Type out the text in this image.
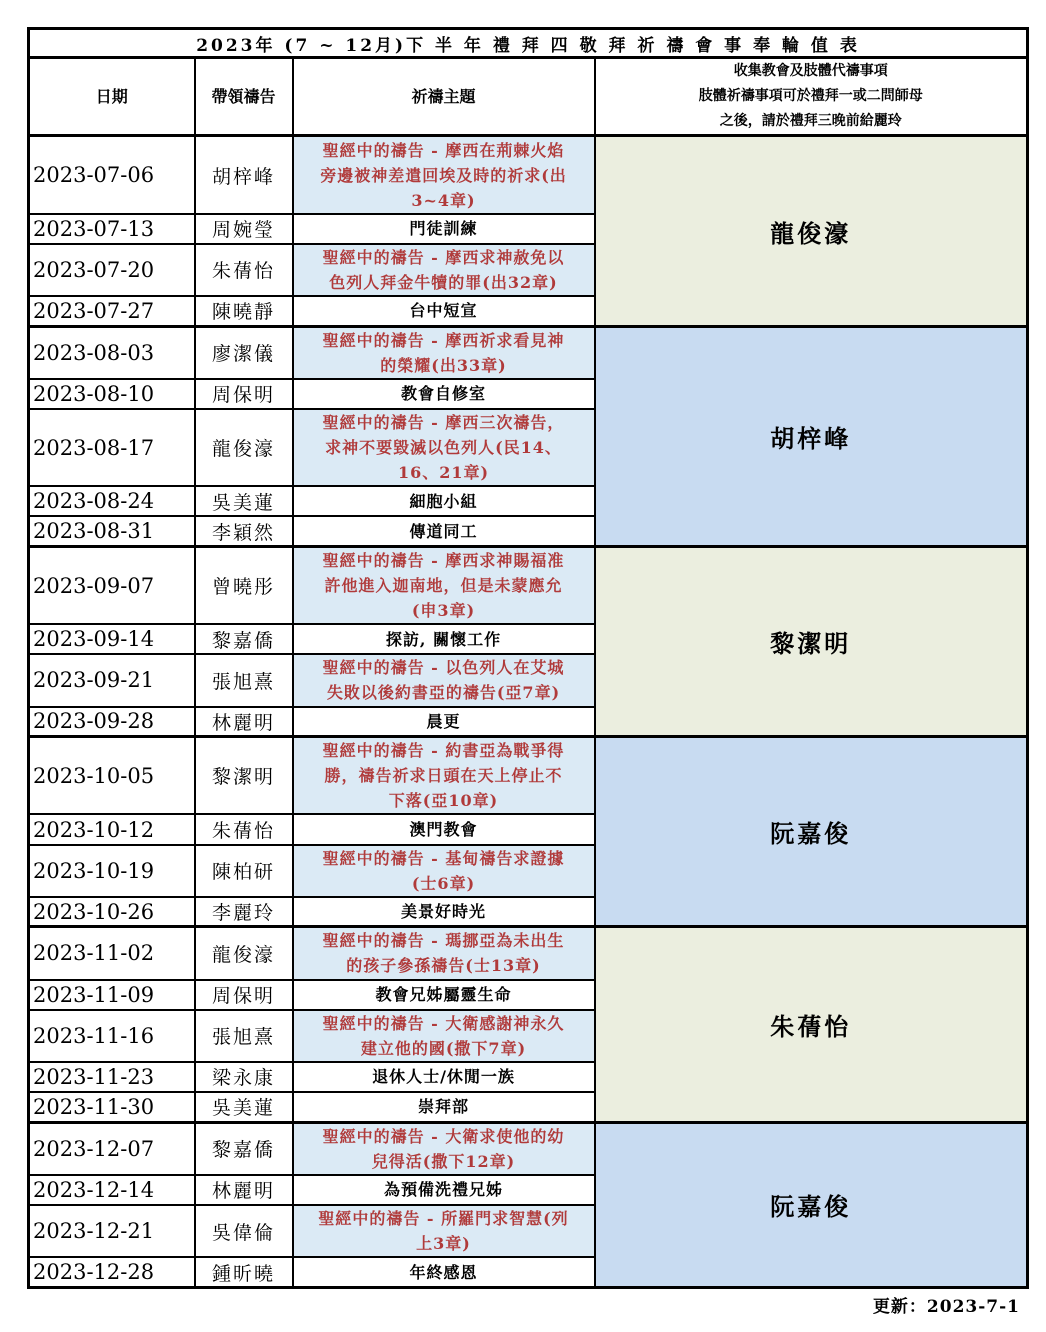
2023年 (7 ~ 12月)下 半 年 禮 拜 四 敬 拜 祈 禱 會 事 奉 輪 值 表			
日期	帶領禱告	祈禱主題	收集教會及肢體代禱事項
肢體祈禱事項可於禮拜一或二問師母
之後，請於禮拜三晚前給麗玲

2023-07-06	胡梓峰	聖經中的禱告 - 摩西在荊棘火焰
旁邊被神差遣回埃及時的祈求(出
3~4章)	龍俊濠
2023-07-13	周婉瑩	門徒訓練	

2023-07-20	朱蒨怡	聖經中的禱告 - 摩西求神赦免以
色列人拜金牛犢的罪(出32章)	

2023-07-27	陳曉靜	台中短宣	

2023-08-03	廖潔儀	聖經中的禱告 - 摩西祈求看見神
的榮耀(出33章)	胡梓峰
2023-08-10	周保明	教會自修室	

2023-08-17	龍俊濠	聖經中的禱告 - 摩西三次禱告，
求神不要毀滅以色列人(民14、
16、21章)	

2023-08-24	吳美蓮	細胞小組	

2023-08-31	李穎然	傳道同工	

2023-09-07	曾曉彤	聖經中的禱告 - 摩西求神賜福准
許他進入迦南地，但是未蒙應允
(申3章)	黎潔明
2023-09-14	黎嘉僑	探訪, 關懷工作	

2023-09-21	張旭熹	聖經中的禱告 - 以色列人在艾城
失敗以後約書亞的禱告(亞7章)	

2023-09-28	林麗明	晨更	

2023-10-05	黎潔明	聖經中的禱告 - 約書亞為戰爭得
勝，禱告祈求日頭在天上停止不
下落(亞10章)	阮嘉俊
2023-10-12	朱蒨怡	澳門教會	

2023-10-19	陳柏研	聖經中的禱告 - 基甸禱告求證據
(士6章)	

2023-10-26	李麗玲	美景好時光	

2023-11-02	龍俊濠	聖經中的禱告 - 瑪挪亞為未出生
的孩子參孫禱告(士13章)	朱蒨怡
2023-11-09	周保明	教會兄姊屬靈生命	

2023-11-16	張旭熹	聖經中的禱告 - 大衛感謝神永久
建立他的國(撒下7章)	

2023-11-23	梁永康	退休人士/休閒一族	

2023-11-30	吳美蓮	崇拜部	

2023-12-07	黎嘉僑	聖經中的禱告 - 大衛求使他的幼
兒得活(撒下12章)	阮嘉俊
2023-12-14	林麗明	為預備洗禮兄姊	

2023-12-21	吳偉倫	聖經中的禱告 - 所羅門求智慧(列
上3章)	

2023-12-28	鍾昕曉	年終感恩	
更新：2023-7-1
